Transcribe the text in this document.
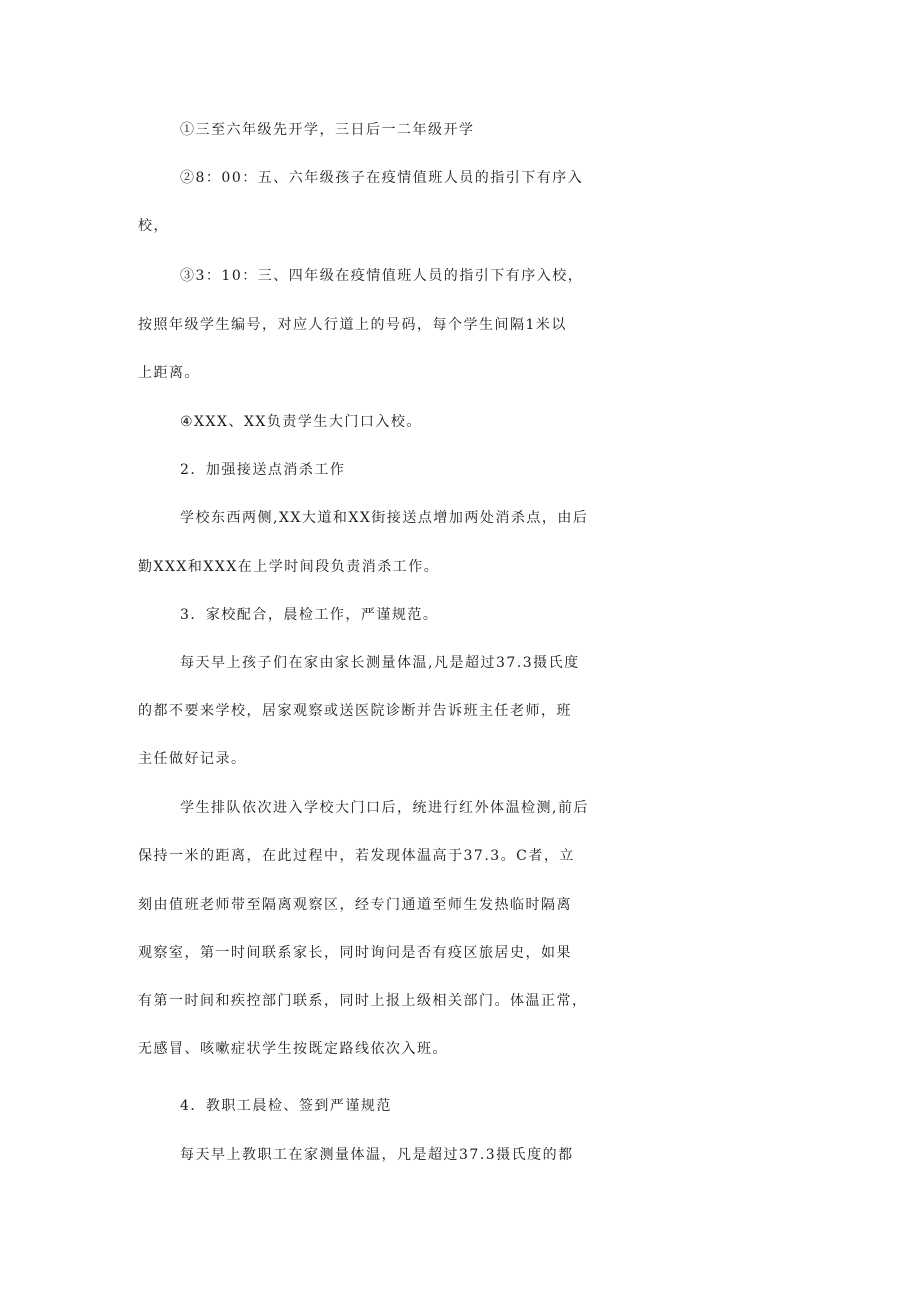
①三至六年级先开学，三日后一二年级开学
②8：00：五、六年级孩子在疫情值班人员的指引下有序入
校，
③3：10：三、四年级在疫情值班人员的指引下有序入校，
按照年级学生编号，对应人行道上的号码，每个学生间隔1米以
上距离。
④XXX、XX负责学生大门口入校。
2．加强接送点消杀工作
学校东西两侧,XX大道和XX街接送点增加两处消杀点，由后
勤XXX和XXX在上学时间段负责消杀工作。
3．家校配合，晨检工作，严谨规范。
每天早上孩子们在家由家长测量体温,凡是超过37.3摄氏度
的都不要来学校，居家观察或送医院诊断并告诉班主任老师，班
主任做好记录。
学生排队依次进入学校大门口后，统进行红外体温检测,前后
保持一米的距离，在此过程中，若发现体温高于37.3。C者，立
刻由值班老师带至隔离观察区，经专门通道至师生发热临时隔离
观察室，第一时间联系家长，同时询问是否有疫区旅居史，如果
有第一时间和疾控部门联系，同时上报上级相关部门。体温正常，
无感冒、咳嗽症状学生按既定路线依次入班。
4．教职工晨检、签到严谨规范
每天早上教职工在家测量体温，凡是超过37.3摄氏度的都
